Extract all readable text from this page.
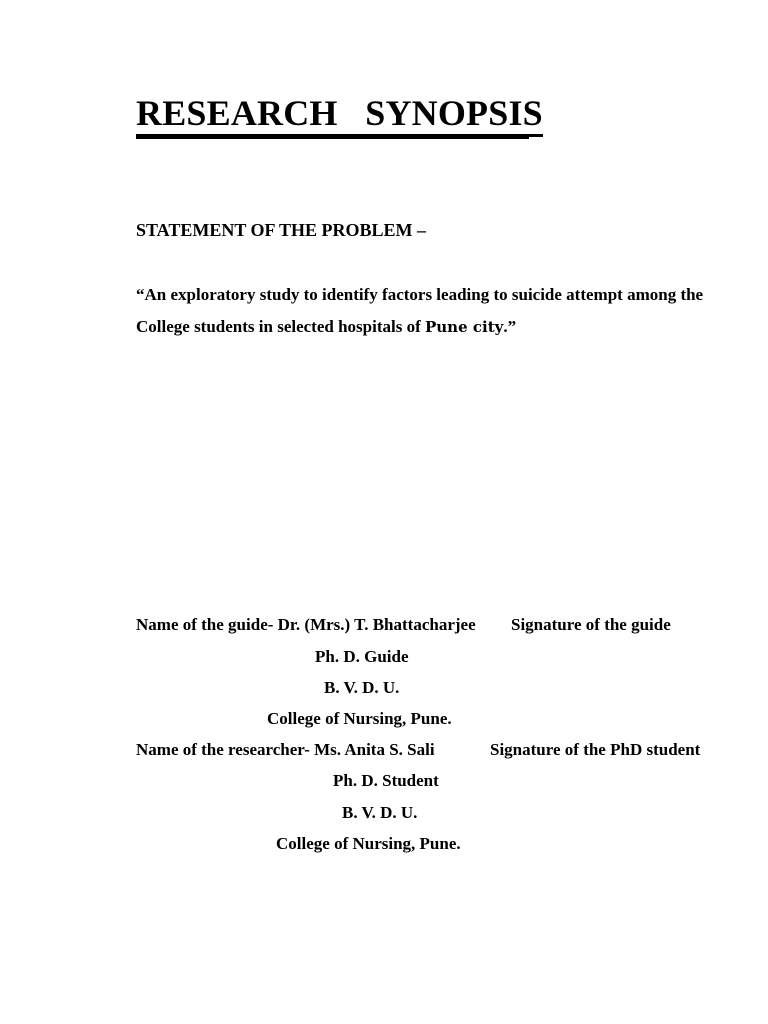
RESEARCH   SYNOPSIS
STATEMENT OF THE PROBLEM –
“An exploratory study to identify factors leading to suicide attempt among the
College students in selected hospitals of Pune city.”
Name of the guide- Dr. (Mrs.) T. Bhattacharjee Signature of the guide
Ph. D. Guide
B. V. D. U.
College of Nursing, Pune.
Name of the researcher- Ms. Anita S. Sali	Signature of the PhD student
Ph. D. Student
B. V. D. U.
College of Nursing, Pune.
